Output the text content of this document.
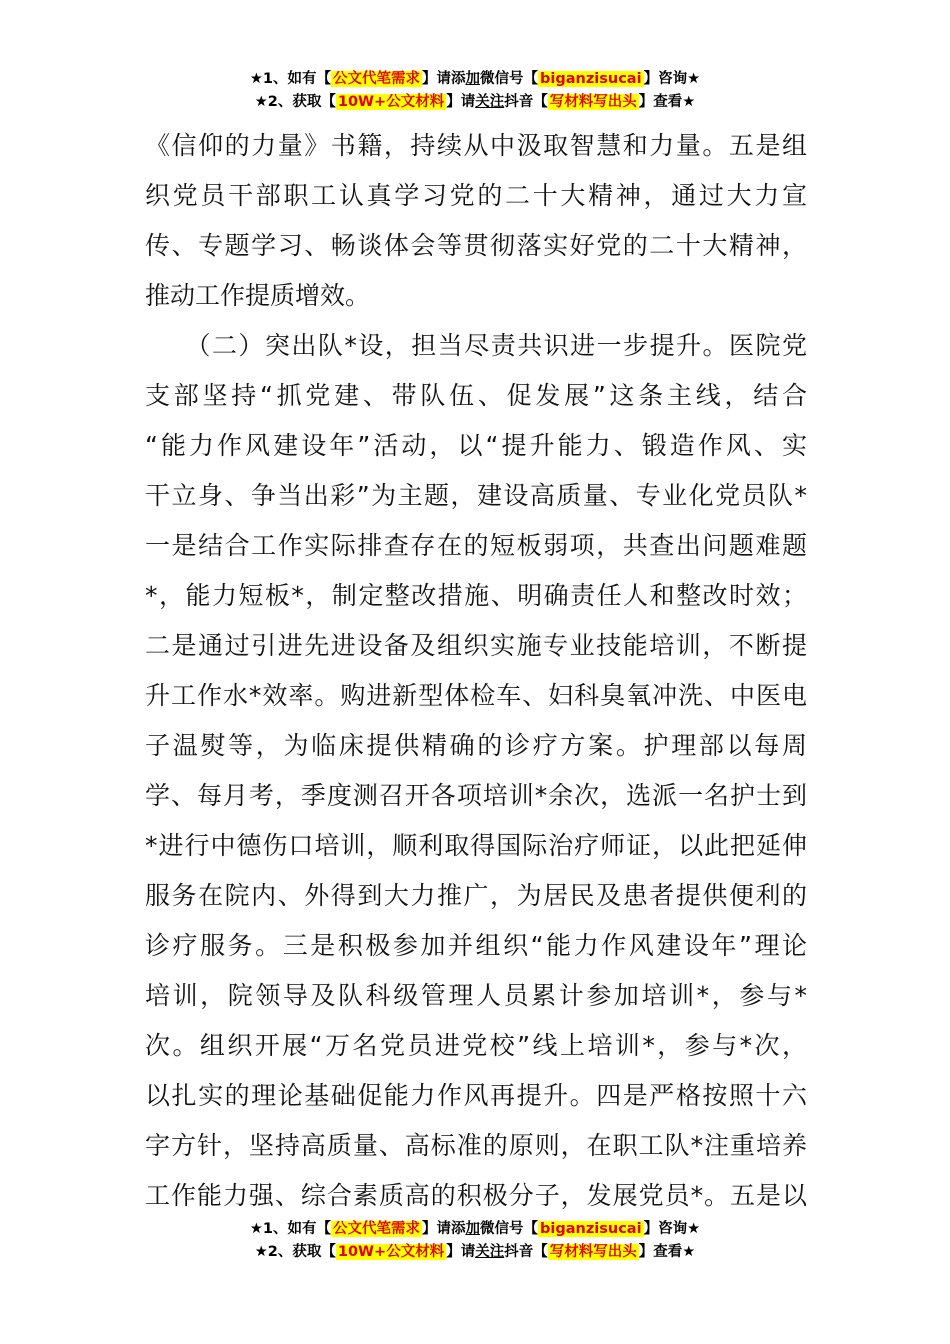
★1、如有【 公文代笔需求 】请添加微信号【 biganzisucai 】咨询★
★2、获取【 10W+公文材料 】请关注抖音【 写材料写出头 】查看★
《信仰的力量》书籍，持续从中汲取智慧和力量。五是组
织党员干部职工认真学习党的二十大精神，通过大力宣
传、专题学习、畅谈体会等贯彻落实好党的二十大精神，
推动工作提质增效。
　　（二）突出队*设，担当尽责共识进一步提升。医院党
支部坚持“抓党建、带队伍、促发展”这条主线，结合
“能力作风建设年”活动，以“提升能力、锻造作风、实
干立身、争当出彩”为主题，建设高质量、专业化党员队*
一是结合工作实际排查存在的短板弱项，共查出问题难题
*，能力短板*，制定整改措施、明确责任人和整改时效；
二是通过引进先进设备及组织实施专业技能培训，不断提
升工作水*效率。购进新型体检车、妇科臭氧冲洗、中医电
子温熨等，为临床提供精确的诊疗方案。护理部以每周
学、每月考，季度测召开各项培训*余次，选派一名护士到
*进行中德伤口培训，顺利取得国际治疗师证，以此把延伸
服务在院内、外得到大力推广，为居民及患者提供便利的
诊疗服务。三是积极参加并组织“能力作风建设年”理论
培训，院领导及队科级管理人员累计参加培训*，参与*
次。组织开展“万名党员进党校”线上培训*，参与*次，
以扎实的理论基础促能力作风再提升。四是严格按照十六
字方针，坚持高质量、高标准的原则，在职工队*注重培养
工作能力强、综合素质高的积极分子，发展党员*。五是以
★1、如有【 公文代笔需求 】请添加微信号【 biganzisucai 】咨询★
★2、获取【 10W+公文材料 】请关注抖音【 写材料写出头 】查看★
